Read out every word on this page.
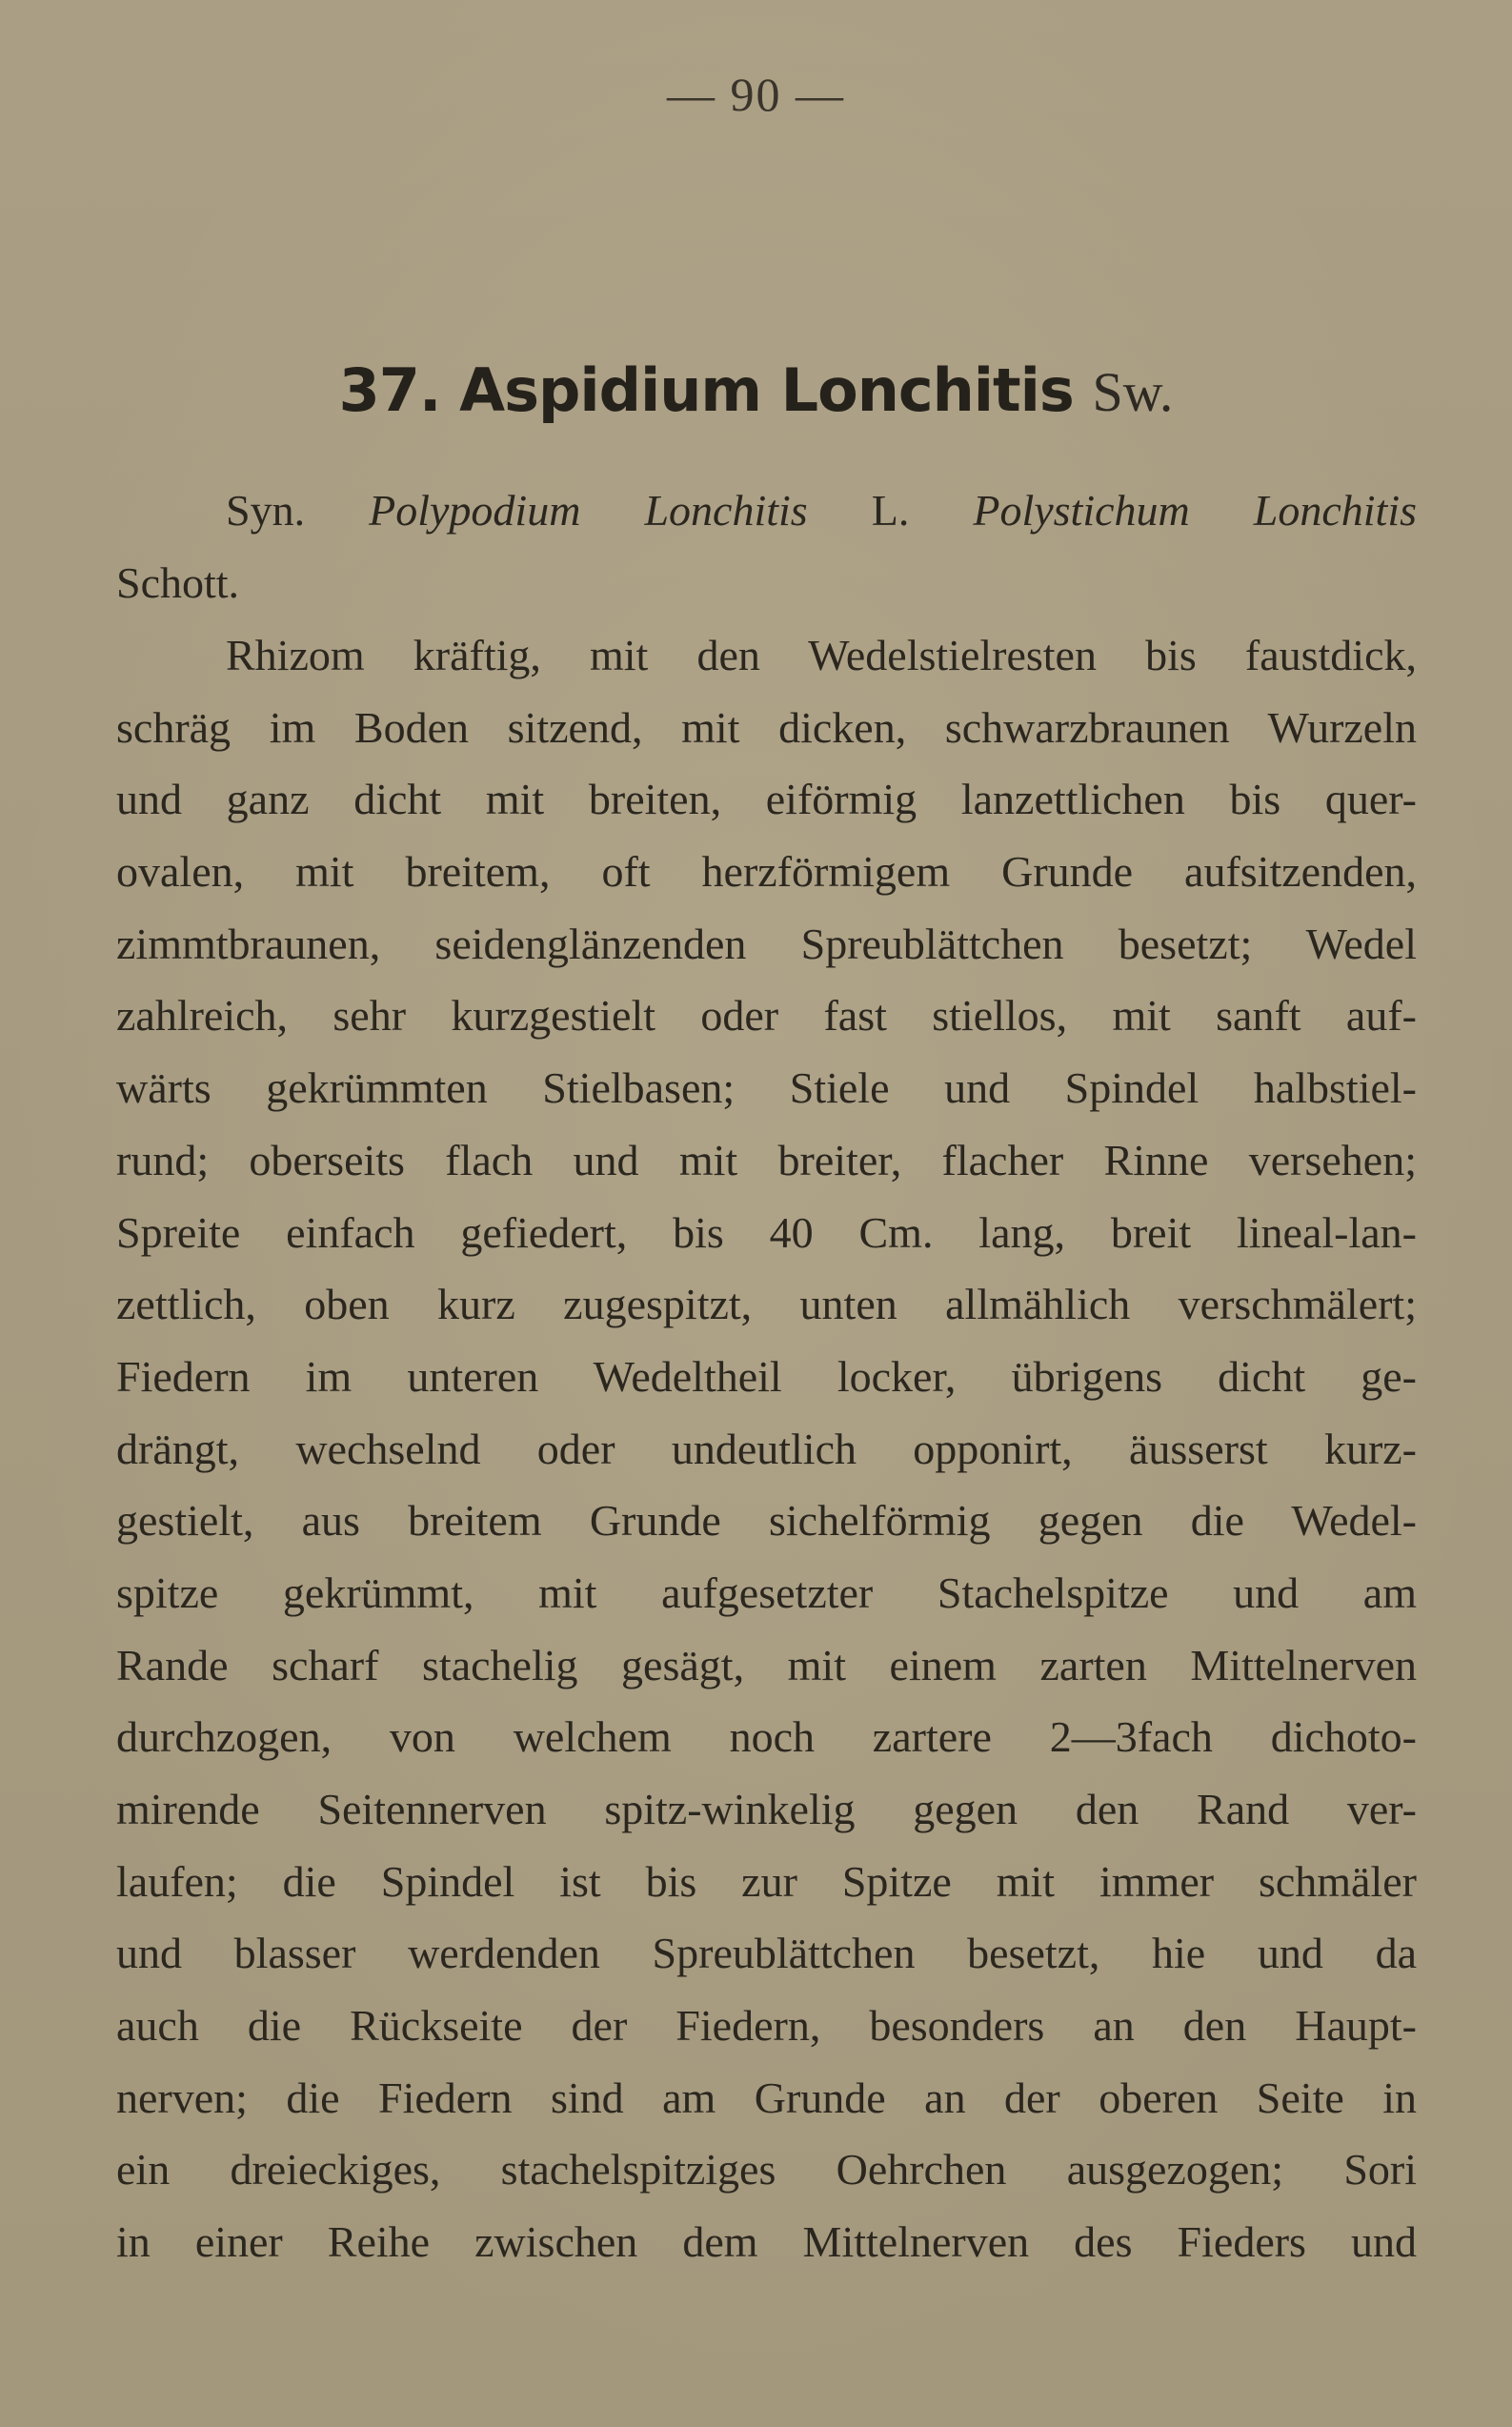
— 90 —
37. Aspidium Lonchitis Sw.
Syn. Polypodium Lonchitis L. Polystichum Lonchitis
Schott.
Rhizom kräftig, mit den Wedelstielresten bis faustdick,
schräg im Boden sitzend, mit dicken, schwarzbraunen Wurzeln
und ganz dicht mit breiten, eiförmig lanzettlichen bis quer-
ovalen, mit breitem, oft herzförmigem Grunde aufsitzenden,
zimmtbraunen, seidenglänzenden Spreublättchen besetzt; Wedel
zahlreich, sehr kurzgestielt oder fast stiellos, mit sanft auf-
wärts gekrümmten Stielbasen; Stiele und Spindel halbstiel-
rund; oberseits flach und mit breiter, flacher Rinne versehen;
Spreite einfach gefiedert, bis 40 Cm. lang, breit lineal-lan-
zettlich, oben kurz zugespitzt, unten allmählich verschmälert;
Fiedern im unteren Wedeltheil locker, übrigens dicht ge-
drängt, wechselnd oder undeutlich opponirt, äusserst kurz-
gestielt, aus breitem Grunde sichelförmig gegen die Wedel-
spitze gekrümmt, mit aufgesetzter Stachelspitze und am
Rande scharf stachelig gesägt, mit einem zarten Mittelnerven
durchzogen, von welchem noch zartere 2—3fach dichoto-
mirende Seitennerven spitz-winkelig gegen den Rand ver-
laufen; die Spindel ist bis zur Spitze mit immer schmäler
und blasser werdenden Spreublättchen besetzt, hie und da
auch die Rückseite der Fiedern, besonders an den Haupt-
nerven; die Fiedern sind am Grunde an der oberen Seite in
ein dreieckiges, stachelspitziges Oehrchen ausgezogen; Sori
in einer Reihe zwischen dem Mittelnerven des Fieders und
